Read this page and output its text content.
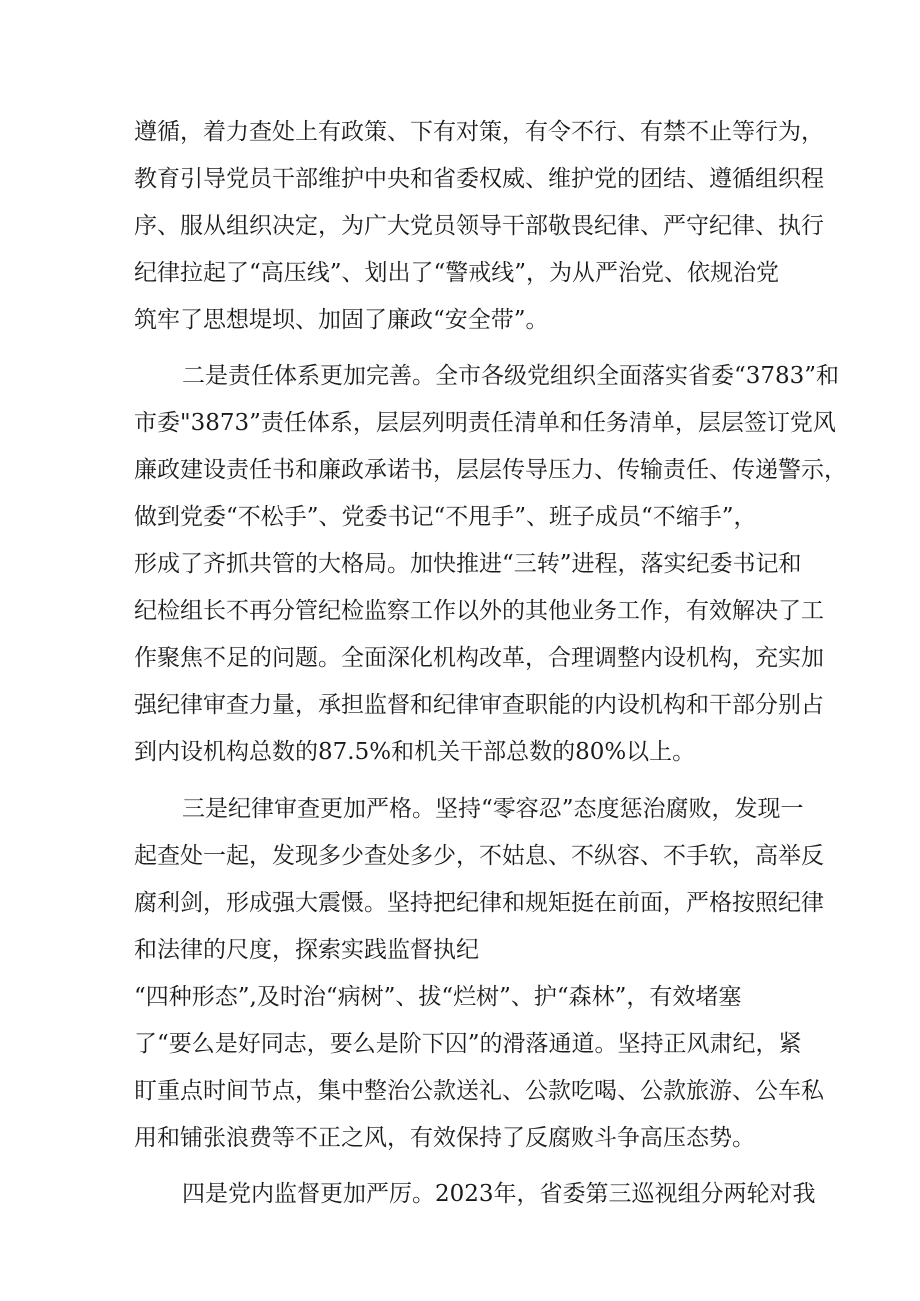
遵循，着力查处上有政策、下有对策，有令不行、有禁不止等行为，
教育引导党员干部维护中央和省委权威、维护党的团结、遵循组织程
序、服从组织决定，为广大党员领导干部敬畏纪律、严守纪律、执行
纪律拉起了“高压线”、划出了“警戒线”，为从严治党、依规治党
筑牢了思想堤坝、加固了廉政“安全带”。
二是责任体系更加完善。全市各级党组织全面落实省委“3783”和
市委"3873”责任体系，层层列明责任清单和任务清单，层层签订党风
廉政建设责任书和廉政承诺书，层层传导压力、传输责任、传递警示，
做到党委“不松手”、党委书记“不甩手”、班子成员“不缩手”，
形成了齐抓共管的大格局。加快推进“三转”进程，落实纪委书记和
纪检组长不再分管纪检监察工作以外的其他业务工作，有效解决了工
作聚焦不足的问题。全面深化机构改革，合理调整内设机构，充实加
强纪律审查力量，承担监督和纪律审查职能的内设机构和干部分别占
到内设机构总数的87.5%和机关干部总数的80%以上。
三是纪律审查更加严格。坚持“零容忍”态度惩治腐败，发现一
起查处一起，发现多少查处多少，不姑息、不纵容、不手软，高举反
腐利剑，形成强大震慑。坚持把纪律和规矩挺在前面，严格按照纪律
和法律的尺度，探索实践监督执纪
“四种形态”,及时治“病树”、拔“烂树”、护“森林”，有效堵塞
了“要么是好同志，要么是阶下囚”的滑落通道。坚持正风肃纪，紧
盯重点时间节点，集中整治公款送礼、公款吃喝、公款旅游、公车私
用和铺张浪费等不正之风，有效保持了反腐败斗争高压态势。
四是党内监督更加严厉。2023年，省委第三巡视组分两轮对我
